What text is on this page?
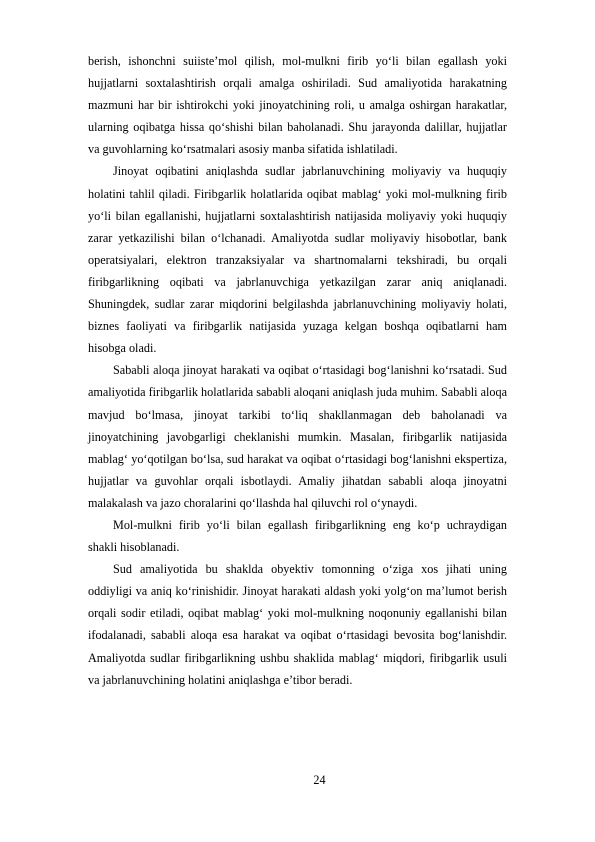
berish, ishonchni suiiste’mol qilish, mol-mulkni firib yo‘li bilan egallash yoki hujjatlarni soxtalashtirish orqali amalga oshiriladi. Sud amaliyotida harakatning mazmuni har bir ishtirokchi yoki jinoyatchining roli, u amalga oshirgan harakatlar, ularning oqibatga hissa qo‘shishi bilan baholanadi. Shu jarayonda dalillar, hujjatlar va guvohlarning ko‘rsatmalari asosiy manba sifatida ishlatiladi.

Jinoyat oqibatini aniqlashda sudlar jabrlanuvchining moliyaviy va huquqiy holatini tahlil qiladi. Firibgarlik holatlarida oqibat mablag‘ yoki mol-mulkning firib yo‘li bilan egallanishi, hujjatlarni soxtalashtirish natijasida moliyaviy yoki huquqiy zarar yetkazilishi bilan o‘lchanadi. Amaliyotda sudlar moliyaviy hisobotlar, bank operatsiyalari, elektron tranzaksiyalar va shartnomalarni tekshiradi, bu orqali firibgarlikning oqibati va jabrlanuvchiga yetkazilgan zarar aniq aniqlanadi. Shuningdek, sudlar zarar miqdorini belgilashda jabrlanuvchining moliyaviy holati, biznes faoliyati va firibgarlik natijasida yuzaga kelgan boshqa oqibatlarni ham hisobga oladi.

Sababli aloqa jinoyat harakati va oqibat o‘rtasidagi bog‘lanishni ko‘rsatadi. Sud amaliyotida firibgarlik holatlarida sababli aloqani aniqlash juda muhim. Sababli aloqa mavjud bo‘lmasa, jinoyat tarkibi to‘liq shakllanmagan deb baholanadi va jinoyatchining javobgarligi cheklanishi mumkin. Masalan, firibgarlik natijasida mablag‘ yo‘qotilgan bo‘lsa, sud harakat va oqibat o‘rtasidagi bog‘lanishni ekspertiza, hujjatlar va guvohlar orqali isbotlaydi. Amaliy jihatdan sababli aloqa jinoyatni malakalash va jazo choralarini qo‘llashda hal qiluvchi rol o‘ynaydi.

Mol-mulkni firib yo‘li bilan egallash firibgarlikning eng ko‘p uchraydigan shakli hisoblanadi.

Sud amaliyotida bu shaklda obyektiv tomonning o‘ziga xos jihati uning oddiyligi va aniq ko‘rinishidir. Jinoyat harakati aldash yoki yolg‘on ma’lumot berish orqali sodir etiladi, oqibat mablag‘ yoki mol-mulkning noqonuniy egallanishi bilan ifodalanadi, sababli aloqa esa harakat va oqibat o‘rtasidagi bevosita bog‘lanishdir. Amaliyotda sudlar firibgarlikning ushbu shaklida mablag‘ miqdori, firibgarlik usuli va jabrlanuvchining holatini aniqlashga e’tibor beradi.

24
